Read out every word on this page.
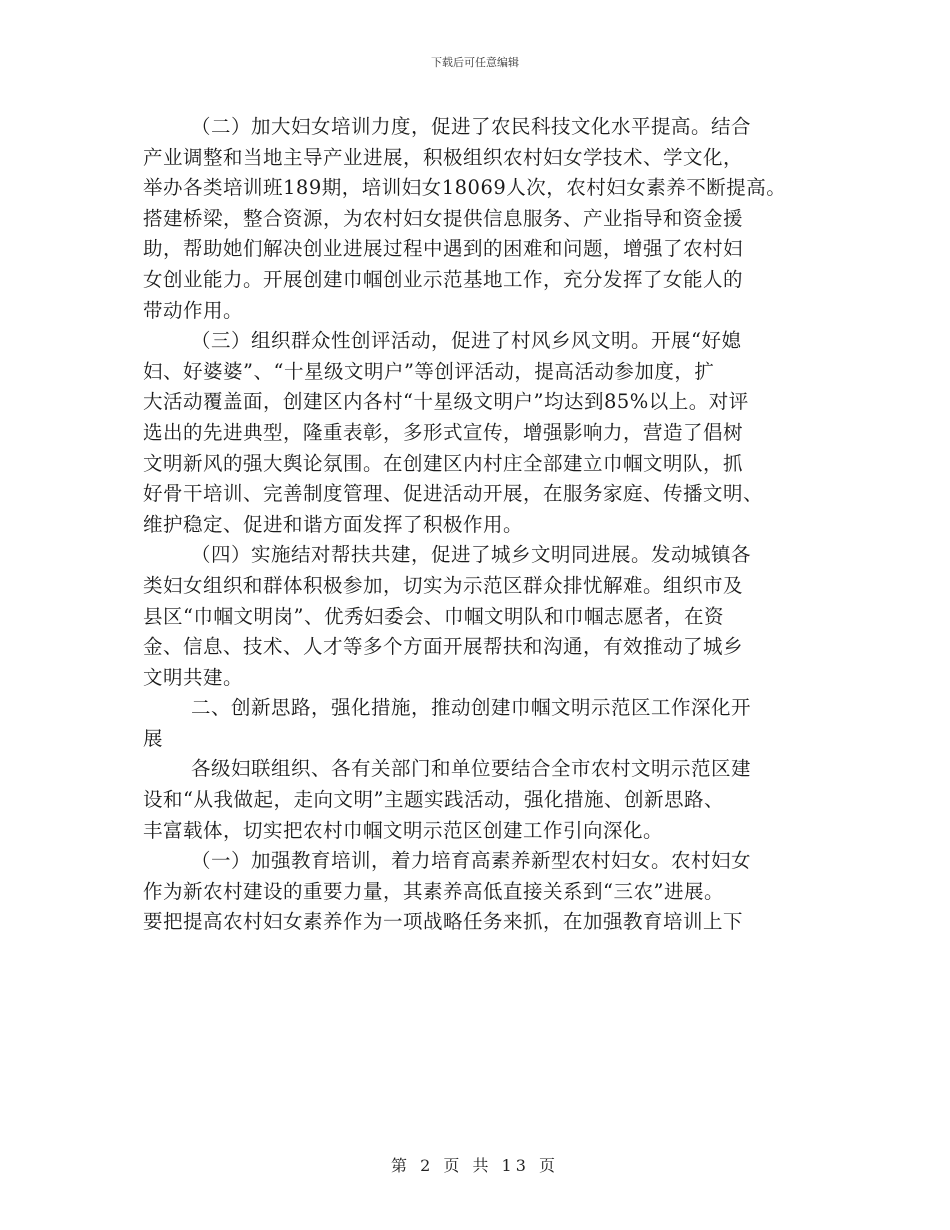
下载后可任意编辑
（二）加大妇女培训力度，促进了农民科技文化水平提高。结合
产业调整和当地主导产业进展，积极组织农村妇女学技术、学文化，
举办各类培训班189期，培训妇女18069人次，农村妇女素养不断提高。
搭建桥梁，整合资源，为农村妇女提供信息服务、产业指导和资金援
助，帮助她们解决创业进展过程中遇到的困难和问题，增强了农村妇
女创业能力。开展创建巾帼创业示范基地工作，充分发挥了女能人的
带动作用。
（三）组织群众性创评活动，促进了村风乡风文明。开展“好媳
妇、好婆婆”、“十星级文明户”等创评活动，提高活动参加度，扩
大活动覆盖面，创建区内各村“十星级文明户”均达到85%以上。对评
选出的先进典型，隆重表彰，多形式宣传，增强影响力，营造了倡树
文明新风的强大舆论氛围。在创建区内村庄全部建立巾帼文明队，抓
好骨干培训、完善制度管理、促进活动开展，在服务家庭、传播文明、
维护稳定、促进和谐方面发挥了积极作用。
（四）实施结对帮扶共建，促进了城乡文明同进展。发动城镇各
类妇女组织和群体积极参加，切实为示范区群众排忧解难。组织市及
县区“巾帼文明岗”、优秀妇委会、巾帼文明队和巾帼志愿者，在资
金、信息、技术、人才等多个方面开展帮扶和沟通，有效推动了城乡
文明共建。
二、创新思路，强化措施，推动创建巾帼文明示范区工作深化开
展
各级妇联组织、各有关部门和单位要结合全市农村文明示范区建
设和“从我做起，走向文明”主题实践活动，强化措施、创新思路、
丰富载体，切实把农村巾帼文明示范区创建工作引向深化。
（一）加强教育培训，着力培育高素养新型农村妇女。农村妇女
作为新农村建设的重要力量，其素养高低直接关系到“三农”进展。
要把提高农村妇女素养作为一项战略任务来抓，在加强教育培训上下
第 2 页 共 13 页
